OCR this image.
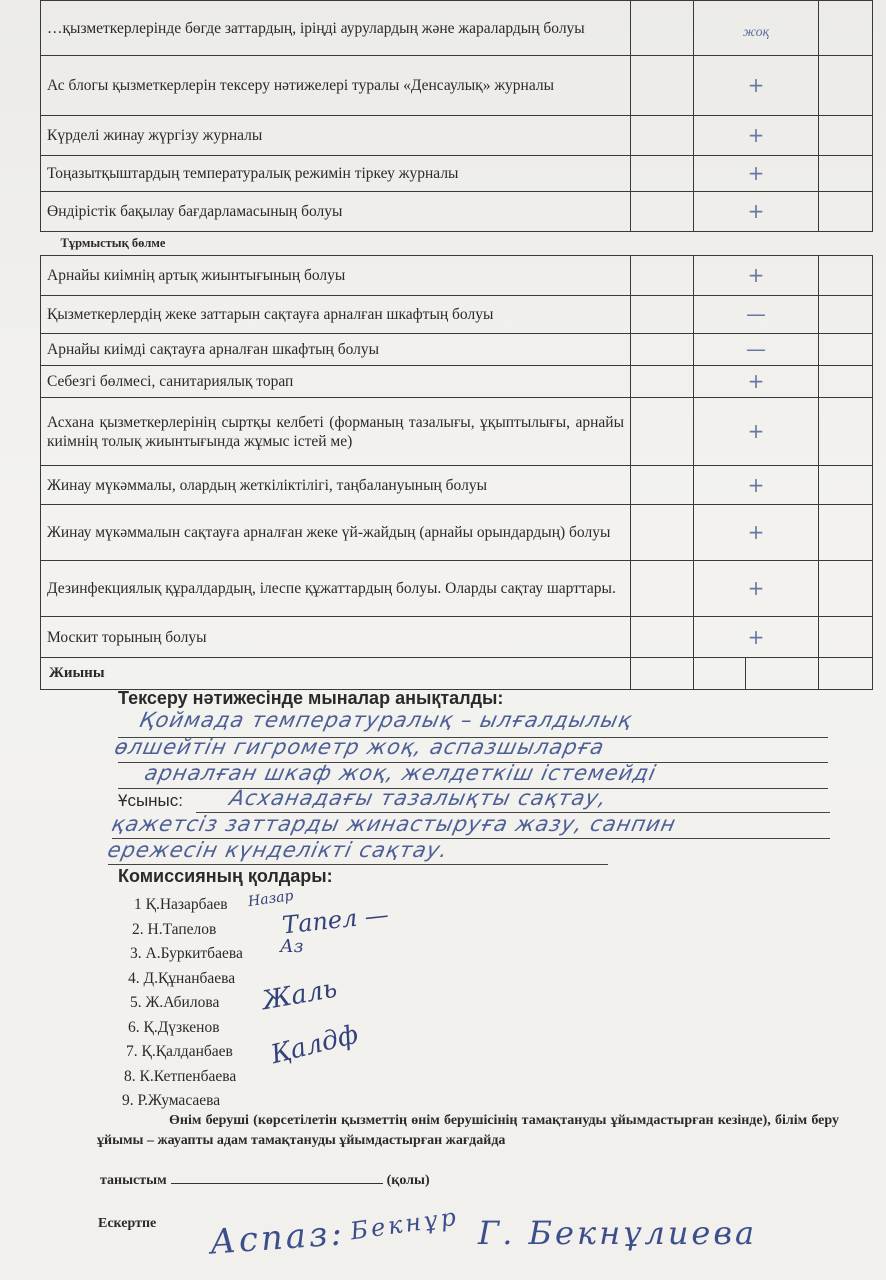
…қызметкерлерінде бөгде заттардың, іріңді аурулардың және жаралардың болуы		жоқ		
Ас блогы қызметкерлерін тексеру нәтижелері туралы «Денсаулық» журналы		+		
Күрделі жинау жүргізу журналы		+		
Тоңазытқыштардың температуралық режимін тіркеу журналы		+		
Өндірістік бақылау бағдарламасының болуы		+		
Тұрмыстық бөлме				
Арнайы киімнің артық жиынтығының болуы		+		
Қызметкерлердің жеке заттарын сақтауға арналған шкафтың болуы		—		
Арнайы киімді сақтауға арналған шкафтың болуы		—		
Себезгі бөлмесі, санитариялық торап		+		
Асхана қызметкерлерінің сыртқы келбеті (форманың тазалығы, ұқыптылығы, арнайы киімнің толық жиынтығында жұмыс істей ме)		+		
Жинау мүкәммалы, олардың жеткіліктілігі, таңбалануының болуы		+		
Жинау мүкәммалын сақтауға арналған жеке үй-жайдың (арнайы орындардың) болуы		+		
Дезинфекциялық құралдардың, ілеспе құжаттардың болуы. Оларды сақтау шарттары.		+		
Москит торының болуы		+		
Жиыны				
Тексеру нәтижесінде мыналар анықталды:
Қоймада температуралық – ылғалдылық
өлшейтін гигрометр жоқ, аспазшыларға
арналған шкаф жоқ, желдеткіш істемейді
Ұсыныс: Асханадағы тазалықты сақтау,
қажетсіз заттарды жинастыруға жазу, санпин
ережесін күнделікті сақтау.
Комиссияның қолдары:
1 Қ.Назарбаев
2. Н.Тапелов
3. А.Буркитбаева
4. Д.Құнанбаева
5. Ж.Абилова
6. Қ.Дүзкенов
7. Қ.Қалданбаев
8. К.Кетпенбаева
9. Р.Жумасаева
Назар
Тапел —
Аз
Жаль
Қалдф
Өнім беруші (көрсетілетін қызметтің өнім берушісінің тамақтануды ұйымдастырған кезінде), білім беру ұйымы – жауапты адам тамақтануды ұйымдастырған жағдайда
таныстым	(қолы)
Ескертпе Аспаз: Бекнұр Г. Бекнұлиева
